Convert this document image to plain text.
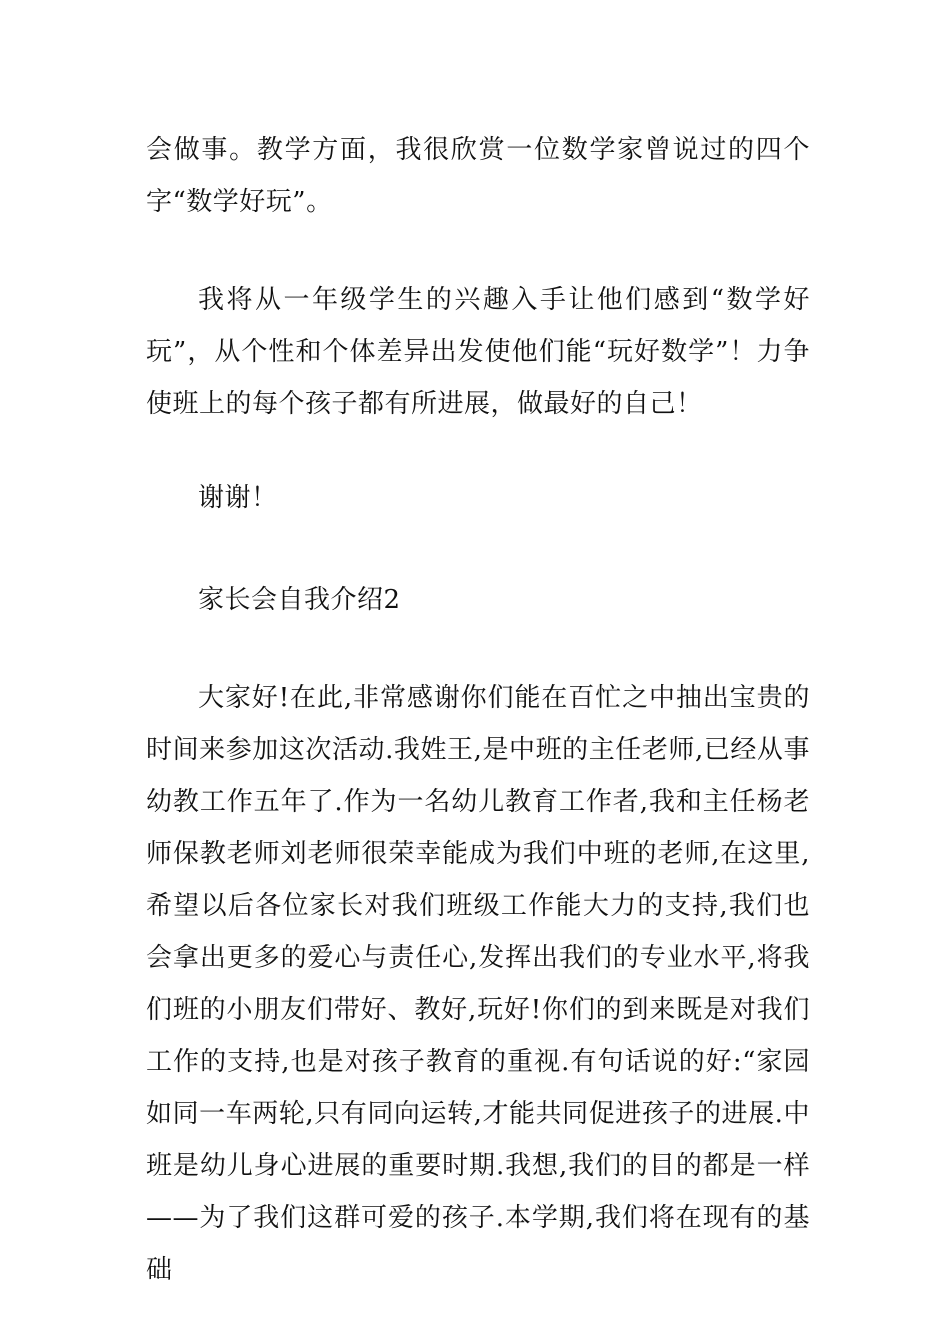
会做事。教学方面，我很欣赏一位数学家曾说过的四个字“数学好玩”。

我将从一年级学生的兴趣入手让他们感到“数学好玩”，从个性和个体差异出发使他们能“玩好数学”！力争使班上的每个孩子都有所进展，做最好的自己！

谢谢！

家长会自我介绍2

大家好!在此,非常感谢你们能在百忙之中抽出宝贵的时间来参加这次活动.我姓王,是中班的主任老师,已经从事幼教工作五年了.作为一名幼儿教育工作者,我和主任杨老师保教老师刘老师很荣幸能成为我们中班的老师,在这里,希望以后各位家长对我们班级工作能大力的支持,我们也会拿出更多的爱心与责任心,发挥出我们的专业水平,将我们班的小朋友们带好、教好,玩好!你们的到来既是对我们工作的支持,也是对孩子教育的重视.有句话说的好:“家园如同一车两轮,只有同向运转,才能共同促进孩子的进展.中班是幼儿身心进展的重要时期.我想,我们的目的都是一样——为了我们这群可爱的孩子.本学期,我们将在现有的基础
